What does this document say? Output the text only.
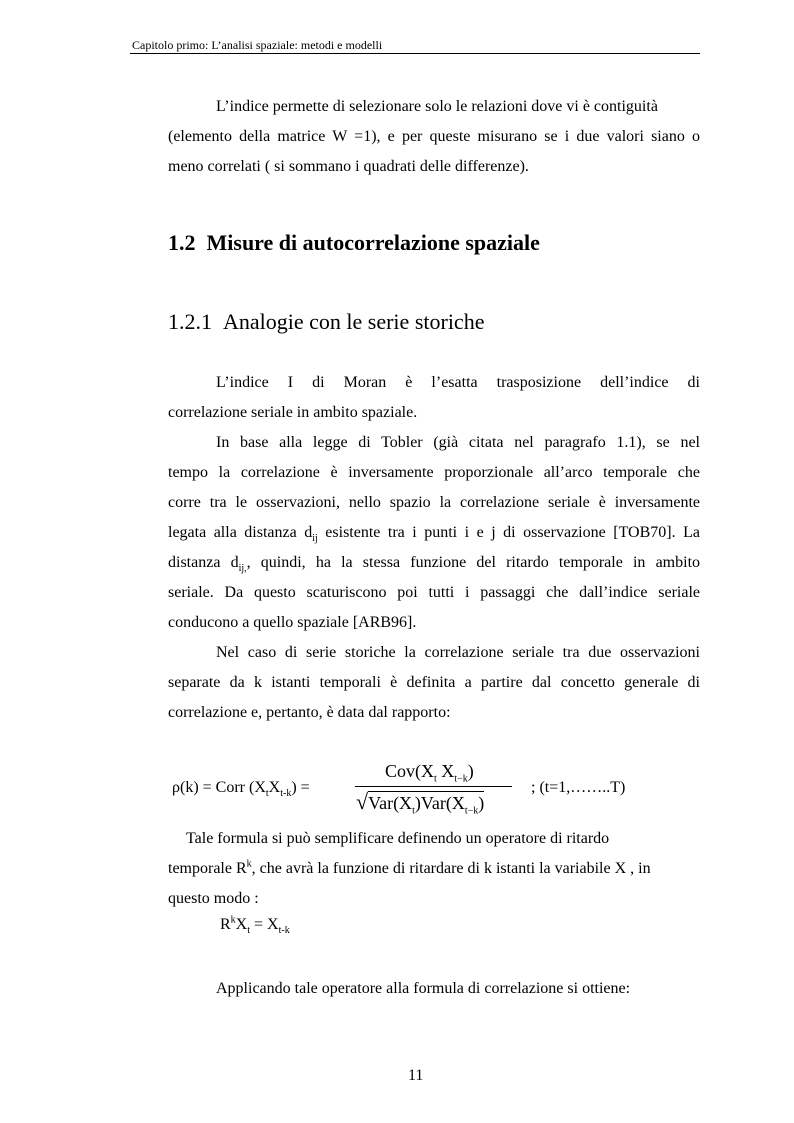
Capitolo primo: L’analisi spaziale: metodi e modelli
L’indice permette di selezionare solo le relazioni dove vi è contiguità
(elemento della matrice W =1), e per queste misurano se i due valori siano o
meno correlati ( si sommano i quadrati delle differenze).
1.2 Misure di autocorrelazione spaziale
1.2.1 Analogie con le serie storiche
L’indice I di Moran è l’esatta trasposizione dell’indice di
correlazione seriale in ambito spaziale.
In base alla legge di Tobler (già citata nel paragrafo 1.1), se nel
tempo la correlazione è inversamente proporzionale all’arco temporale che
corre tra le osservazioni, nello spazio la correlazione seriale è inversamente
legata alla distanza $d_{ij}$ esistente tra i punti i e j di osservazione [TOB70]. La
distanza $d_{ij,}$, quindi, ha la stessa funzione del ritardo temporale in ambito
seriale. Da questo scaturiscono poi tutti i passaggi che dall’indice seriale
conducono a quello spaziale [ARB96].
Nel caso di serie storiche la correlazione seriale tra due osservazioni
separate da k istanti temporali è definita a partire dal concetto generale di
correlazione e, pertanto, è data dal rapporto:
ρ(k) = Corr $(X_tX_{t-k})$ =
$Cov(X_t$ $X_{t-k}$)
$√Var(X_t)Var(X_{t-k})$
; (t=1,……..T)
Tale formula si può semplificare definendo un operatore di ritardo
temporale $R^k$, che avrà la funzione di ritardare di k istanti la variabile X , in
questo modo :
$R^kX_t = X_{t-k}$
Applicando tale operatore alla formula di correlazione si ottiene:
11
